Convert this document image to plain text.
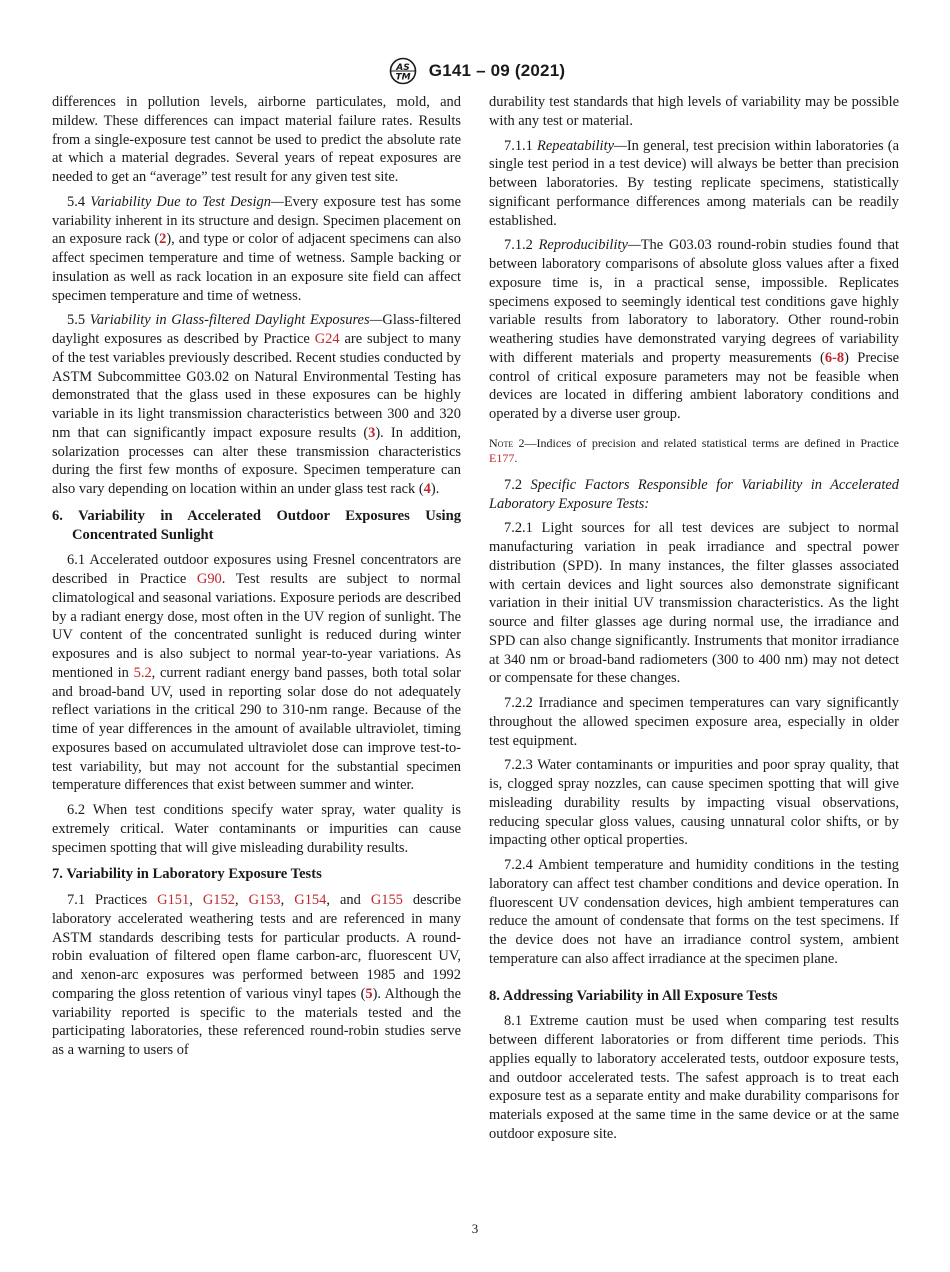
AS
TM G141 – 09 (2021)

differences in pollution levels, airborne particulates, mold, and mildew. These differences can impact material failure rates. Results from a single-exposure test cannot be used to predict the absolute rate at which a material degrades. Several years of repeat exposures are needed to get an “average” test result for any given test site.

5.4 Variability Due to Test Design—Every exposure test has some variability inherent in its structure and design. Specimen placement on an exposure rack (2), and type or color of adjacent specimens can also affect specimen temperature and time of wetness. Sample backing or insulation as well as rack location in an exposure site field can affect specimen temperature and time of wetness.

5.5 Variability in Glass-filtered Daylight Exposures—Glass-filtered daylight exposures as described by Practice G24 are subject to many of the test variables previously described. Recent studies conducted by ASTM Subcommittee G03.02 on Natural Environmental Testing has demonstrated that the glass used in these exposures can be highly variable in its light transmission characteristics between 300 and 320 nm that can significantly impact exposure results (3). In addition, solarization processes can alter these transmission characteristics during the first few months of exposure. Specimen temperature can also vary depending on location within an under glass test rack (4).

6. Variability in Accelerated Outdoor Exposures Using Concentrated Sunlight

6.1 Accelerated outdoor exposures using Fresnel concentrators are described in Practice G90. Test results are subject to normal climatological and seasonal variations. Exposure periods are described by a radiant energy dose, most often in the UV region of sunlight. The UV content of the concentrated sunlight is reduced during winter exposures and is also subject to normal year-to-year variations. As mentioned in 5.2, current radiant energy band passes, both total solar and broad-band UV, used in reporting solar dose do not adequately reflect variations in the critical 290 to 310-nm range. Because of the time of year differences in the amount of available ultraviolet, timing exposures based on accumulated ultraviolet dose can improve test-to-test variability, but may not account for the substantial specimen temperature differences that exist between summer and winter.

6.2 When test conditions specify water spray, water quality is extremely critical. Water contaminants or impurities can cause specimen spotting that will give misleading durability results.

7. Variability in Laboratory Exposure Tests

7.1 Practices G151, G152, G153, G154, and G155 describe laboratory accelerated weathering tests and are referenced in many ASTM standards describing tests for particular products. A round-robin evaluation of filtered open flame carbon-arc, fluorescent UV, and xenon-arc exposures was performed between 1985 and 1992 comparing the gloss retention of various vinyl tapes (5). Although the variability reported is specific to the materials tested and the participating laboratories, these referenced round-robin studies serve as a warning to users of

durability test standards that high levels of variability may be possible with any test or material.

7.1.1 Repeatability—In general, test precision within laboratories (a single test period in a test device) will always be better than precision between laboratories. By testing replicate specimens, statistically significant performance differences among materials can be readily established.

7.1.2 Reproducibility—The G03.03 round-robin studies found that between laboratory comparisons of absolute gloss values after a fixed exposure time is, in a practical sense, impossible. Replicates specimens exposed to seemingly identical test conditions gave highly variable results from laboratory to laboratory. Other round-robin weathering studies have demonstrated varying degrees of variability with different materials and property measurements (6-8) Precise control of critical exposure parameters may not be feasible when devices are located in differing ambient laboratory conditions and operated by a diverse user group.

Note 2—Indices of precision and related statistical terms are defined in Practice E177.

7.2 Specific Factors Responsible for Variability in Accelerated Laboratory Exposure Tests:

7.2.1 Light sources for all test devices are subject to normal manufacturing variation in peak irradiance and spectral power distribution (SPD). In many instances, the filter glasses associated with certain devices and light sources also demonstrate significant variation in their initial UV transmission characteristics. As the light source and filter glasses age during normal use, the irradiance and SPD can also change significantly. Instruments that monitor irradiance at 340 nm or broad-band radiometers (300 to 400 nm) may not detect or compensate for these changes.

7.2.2 Irradiance and specimen temperatures can vary significantly throughout the allowed specimen exposure area, especially in older test equipment.

7.2.3 Water contaminants or impurities and poor spray quality, that is, clogged spray nozzles, can cause specimen spotting that will give misleading durability results by impacting visual observations, reducing specular gloss values, causing unnatural color shifts, or by impacting other optical properties.

7.2.4 Ambient temperature and humidity conditions in the testing laboratory can affect test chamber conditions and device operation. In fluorescent UV condensation devices, high ambient temperatures can reduce the amount of condensate that forms on the test specimens. If the device does not have an irradiance control system, ambient temperature can also affect irradiance at the specimen plane.

8. Addressing Variability in All Exposure Tests

8.1 Extreme caution must be used when comparing test results between different laboratories or from different time periods. This applies equally to laboratory accelerated tests, outdoor exposure tests, and outdoor accelerated tests. The safest approach is to treat each exposure test as a separate entity and make durability comparisons for materials exposed at the same time in the same device or at the same outdoor exposure site.

3
